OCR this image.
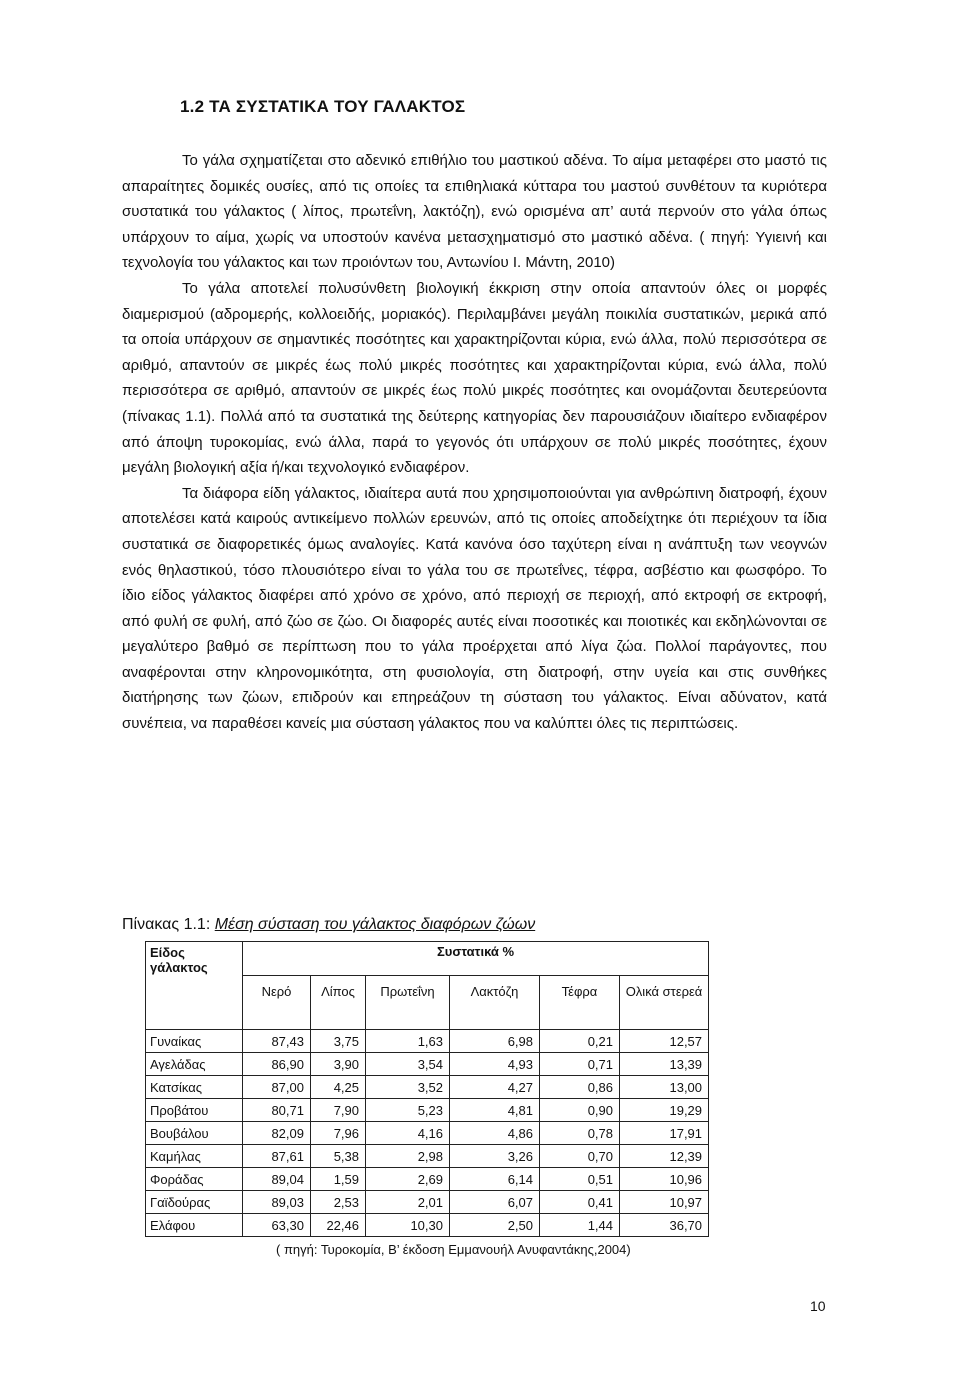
1.2 ΤΑ ΣΥΣΤΑΤΙΚΑ ΤΟΥ ΓΑΛΑΚΤΟΣ

Το γάλα σχηματίζεται στο αδενικό επιθήλιο του μαστικού αδένα. Το αίμα μεταφέρει στο μαστό τις απαραίτητες δομικές ουσίες, από τις οποίες τα επιθηλιακά κύτταρα του μαστού συνθέτουν τα κυριότερα συστατικά του γάλακτος ( λίπος, πρωτεΐνη, λακτόζη), ενώ ορισμένα απ’ αυτά περνούν στο γάλα όπως υπάρχουν το αίμα, χωρίς να υποστούν κανένα μετασχηματισμό στο μαστικό αδένα. ( πηγή: Υγιεινή και τεχνολογία του γάλακτος και των προιόντων του, Αντωνίου Ι. Μάντη, 2010)

Το γάλα αποτελεί πολυσύνθετη βιολογική έκκριση στην οποία απαντούν όλες οι μορφές διαμερισμού (αδρομερής, κολλοειδής, μοριακός). Περιλαμβάνει μεγάλη ποικιλία συστατικών, μερικά από τα οποία υπάρχουν σε σημαντικές ποσότητες και χαρακτηρίζονται κύρια, ενώ άλλα, πολύ περισσότερα σε αριθμό, απαντούν σε μικρές έως πολύ μικρές ποσότητες και χαρακτηρίζονται κύρια, ενώ άλλα, πολύ περισσότερα σε αριθμό, απαντούν σε μικρές έως πολύ μικρές ποσότητες και ονομάζονται δευτερεύοντα (πίνακας 1.1). Πολλά από τα συστατικά της δεύτερης κατηγορίας δεν παρουσιάζουν ιδιαίτερο ενδιαφέρον από άποψη τυροκομίας, ενώ άλλα, παρά το γεγονός ότι υπάρχουν σε πολύ μικρές ποσότητες, έχουν μεγάλη βιολογική αξία ή/και τεχνολογικό ενδιαφέρον.

Τα διάφορα είδη γάλακτος, ιδιαίτερα αυτά που χρησιμοποιούνται για ανθρώπινη διατροφή, έχουν αποτελέσει κατά καιρούς αντικείμενο πολλών ερευνών, από τις οποίες αποδείχτηκε ότι περιέχουν τα ίδια συστατικά σε διαφορετικές όμως αναλογίες. Κατά κανόνα όσο ταχύτερη είναι η ανάπτυξη των νεογνών ενός θηλαστικού, τόσο πλουσιότερο είναι το γάλα του σε πρωτεΐνες, τέφρα, ασβέστιο και φωσφόρο. Το ίδιο είδος γάλακτος διαφέρει από χρόνο σε χρόνο, από περιοχή σε περιοχή, από εκτροφή σε εκτροφή, από φυλή σε φυλή, από ζώο σε ζώο. Οι διαφορές αυτές είναι ποσοτικές και ποιοτικές και εκδηλώνονται σε μεγαλύτερο βαθμό σε περίπτωση που το γάλα προέρχεται από λίγα ζώα. Πολλοί παράγοντες, που αναφέρονται στην κληρονομικότητα, στη φυσιολογία, στη διατροφή, στην υγεία και στις συνθήκες διατήρησης των ζώων, επιδρούν και επηρεάζουν τη σύσταση του γάλακτος. Είναι αδύνατον, κατά συνέπεια, να παραθέσει κανείς μια σύσταση γάλακτος που να καλύπτει όλες τις περιπτώσεις.

Πίνακας 1.1: Μέση σύσταση του γάλακτος διαφόρων ζώων
Είδος γάλακτος	Συστατικά %					
	Νερό	Λίπος	Πρωτεΐνη	Λακτόζη	Τέφρα	Ολικά στερεά
Γυναίκας	87,43	3,75	1,63	6,98	0,21	12,57
Αγελάδας	86,90	3,90	3,54	4,93	0,71	13,39
Κατσίκας	87,00	4,25	3,52	4,27	0,86	13,00
Προβάτου	80,71	7,90	5,23	4,81	0,90	19,29
Βουβάλου	82,09	7,96	4,16	4,86	0,78	17,91
Καμήλας	87,61	5,38	2,98	3,26	0,70	12,39
Φοράδας	89,04	1,59	2,69	6,14	0,51	10,96
Γαϊδούρας	89,03	2,53	2,01	6,07	0,41	10,97
Ελάφου	63,30	22,46	10,30	2,50	1,44	36,70
( πηγή: Τυροκομία, Β’ έκδοση Εμμανουήλ Ανυφαντάκης,2004)
10
